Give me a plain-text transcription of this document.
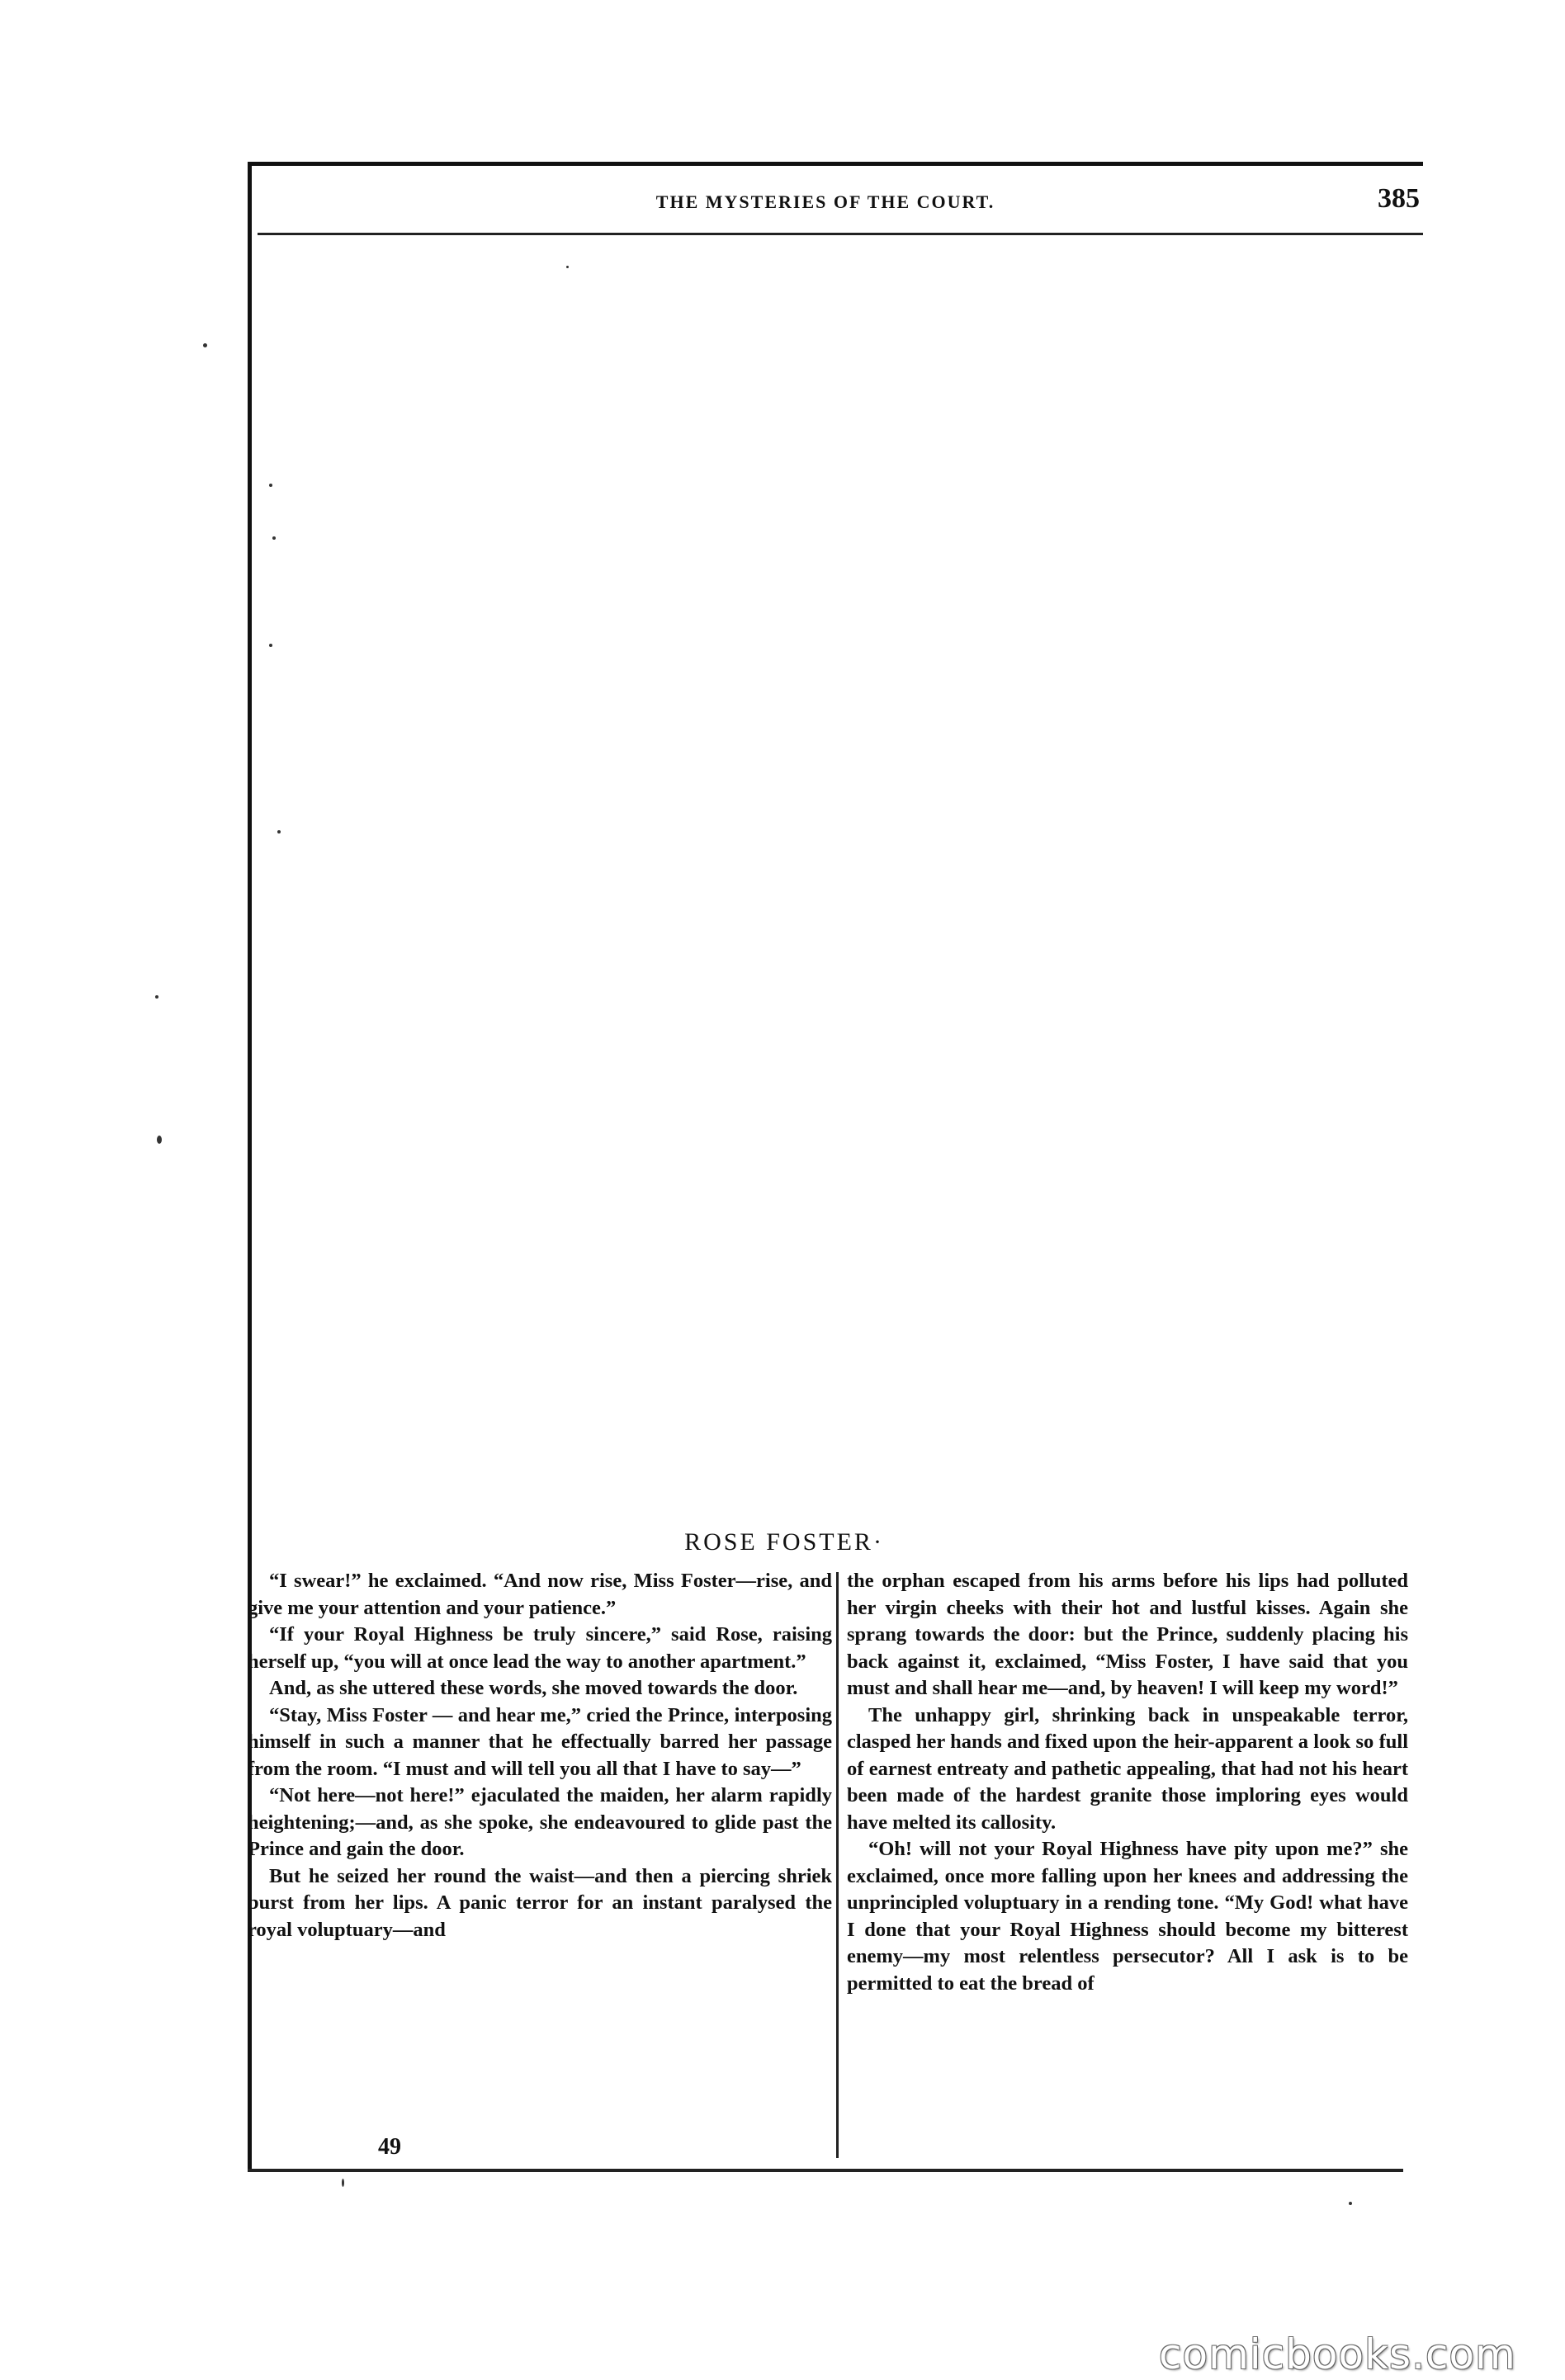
THE MYSTERIES OF THE COURT.	385
ROSE FOSTER·

“I swear!” he exclaimed. “And now rise, Miss Foster—rise, and give me your attention and your patience.”

“If your Royal Highness be truly sincere,” said Rose, raising herself up, “you will at once lead the way to another apartment.”

And, as she uttered these words, she moved towards the door.

“Stay, Miss Foster — and hear me,” cried the Prince, interposing himself in such a manner that he effectually barred her passage from the room. “I must and will tell you all that I have to say—”

“Not here—not here!” ejaculated the maiden, her alarm rapidly heightening;—and, as she spoke, she endeavoured to glide past the Prince and gain the door.

But he seized her round the waist—and then a piercing shriek burst from her lips. A panic terror for an instant paralysed the royal voluptuary—and

the orphan escaped from his arms before his lips had polluted her virgin cheeks with their hot and lustful kisses. Again she sprang towards the door: but the Prince, suddenly placing his back against it, exclaimed, “Miss Foster, I have said that you must and shall hear me—and, by heaven! I will keep my word!”

The unhappy girl, shrinking back in unspeakable terror, clasped her hands and fixed upon the heir-apparent a look so full of earnest entreaty and pathetic appealing, that had not his heart been made of the hardest granite those imploring eyes would have melted its callosity.

“Oh! will not your Royal Highness have pity upon me?” she exclaimed, once more falling upon her knees and addressing the unprincipled voluptuary in a rending tone. “My God! what have I done that your Royal Highness should become my bitterest enemy—my most relentless persecutor? All I ask is to be permitted to eat the bread of

49
comicbooks.com
